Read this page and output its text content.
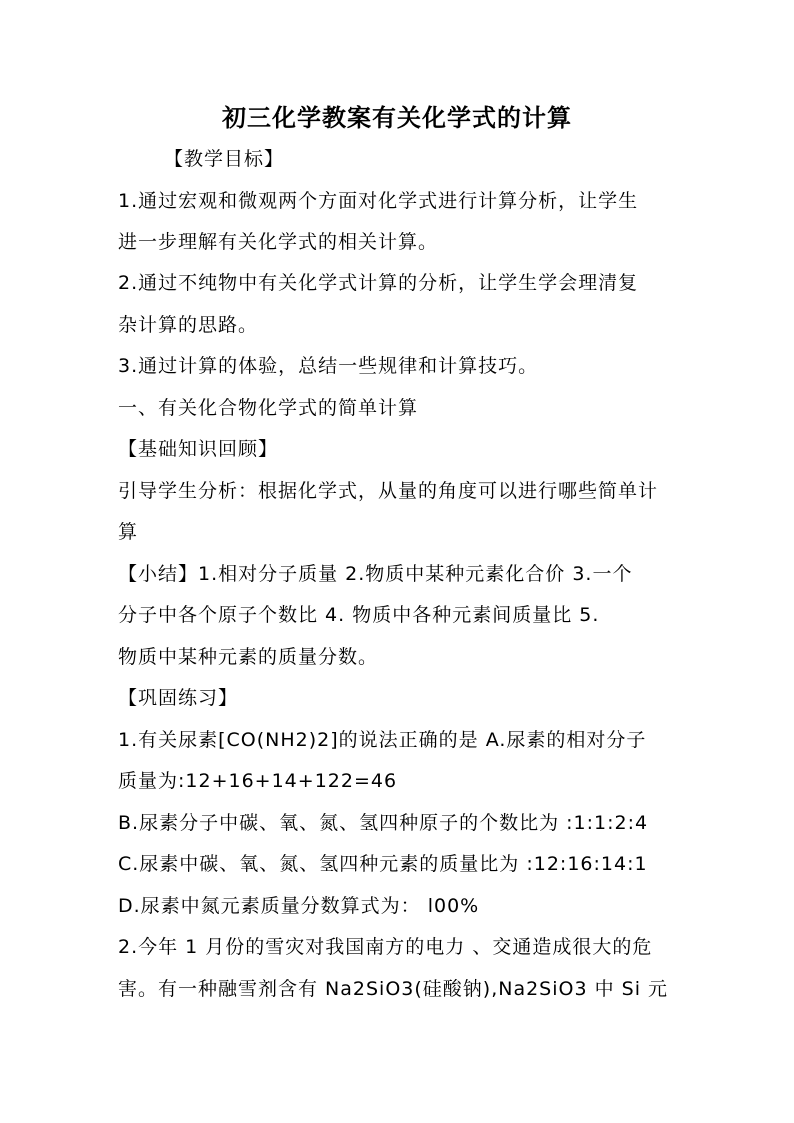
初三化学教案有关化学式的计算
【教学目标】
1.通过宏观和微观两个方面对化学式进行计算分析，让学生
进一步理解有关化学式的相关计算。
2.通过不纯物中有关化学式计算的分析，让学生学会理清复
杂计算的思路。
3.通过计算的体验，总结一些规律和计算技巧。
一、有关化合物化学式的简单计算
【基础知识回顾】
引导学生分析：根据化学式，从量的角度可以进行哪些简单计
算
【小结】1.相对分子质量 2.物质中某种元素化合价 3.一个
分子中各个原子个数比 4. 物质中各种元素间质量比 5.
物质中某种元素的质量分数。
【巩固练习】
1.有关尿素[CO(NH2)2]的说法正确的是 A.尿素的相对分子
质量为:12+16+14+122=46
B.尿素分子中碳、氧、氮、氢四种原子的个数比为 :1:1:2:4
C.尿素中碳、氧、氮、氢四种元素的质量比为 :12:16:14:1
D.尿素中氮元素质量分数算式为： l00%
2.今年 1 月份的雪灾对我国南方的电力 、交通造成很大的危
害。有一种融雪剂含有 Na2SiO3(硅酸钠),Na2SiO3 中 Si 元
